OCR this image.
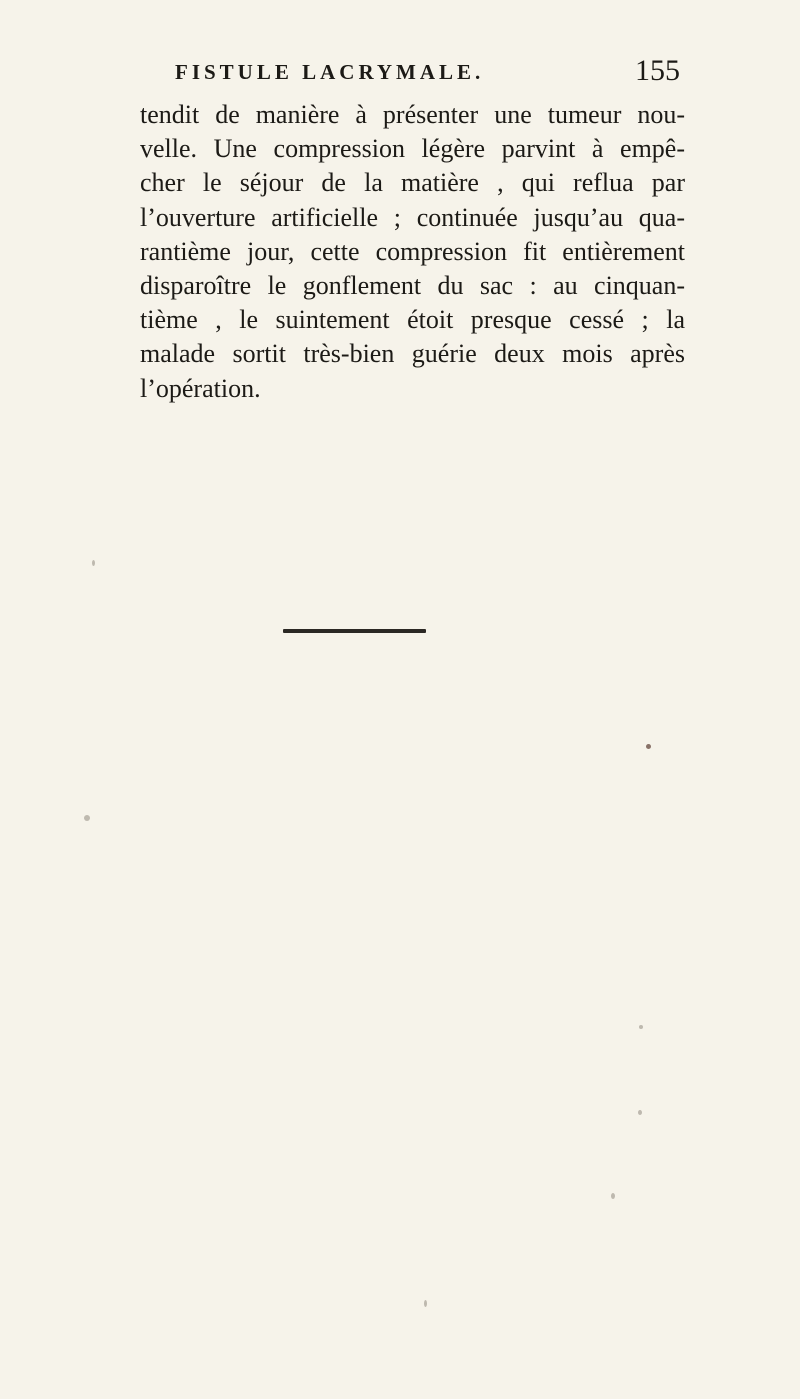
FISTULE LACRYMALE.	155
tendit de manière à présenter une tumeur nou-
velle. Une compression légère parvint à empê-
cher le séjour de la matière , qui reflua par
l’ouverture artificielle ; continuée jusqu’au qua-
rantième jour, cette compression fit entièrement
disparoître le gonflement du sac : au cinquan-
tième , le suintement étoit presque cessé ; la
malade sortit très-bien guérie deux mois après
l’opération.
